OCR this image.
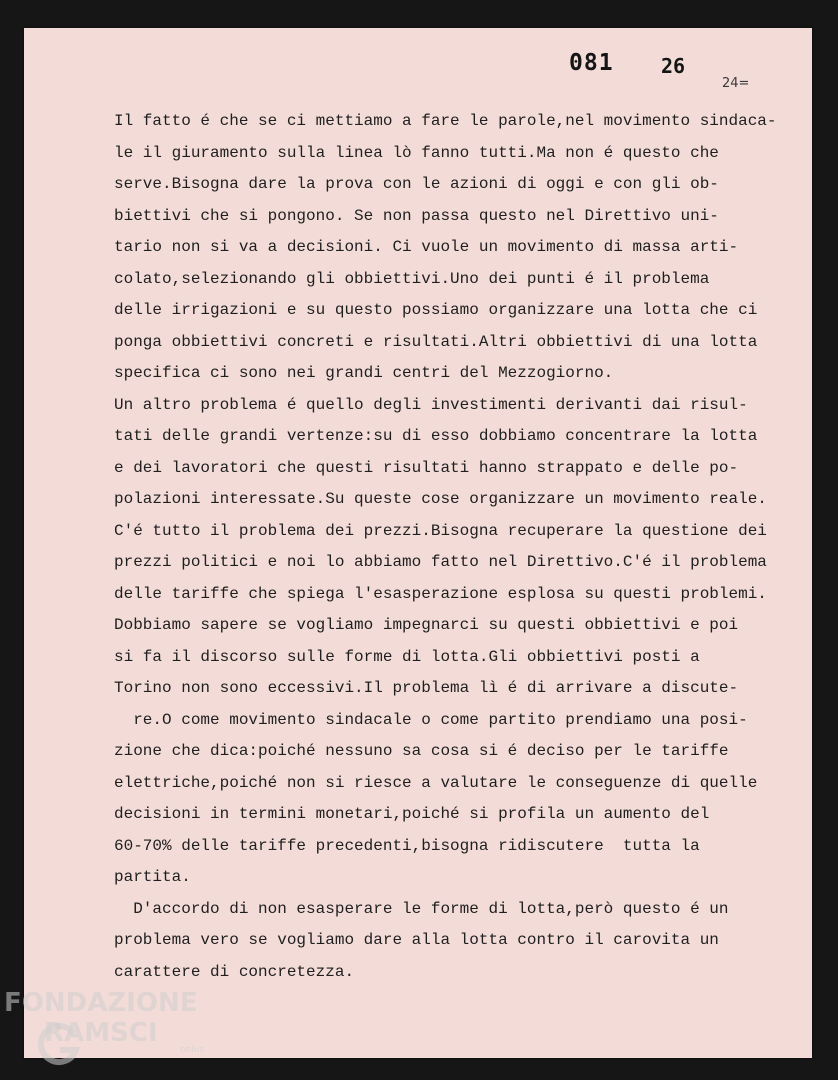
081 26
24=
Il fatto é che se ci mettiamo a fare le parole,nel movimento sindaca-
le il giuramento sulla linea lò fanno tutti.Ma non é questo che
serve.Bisogna dare la prova con le azioni di oggi e con gli ob-
biettivi che si pongono. Se non passa questo nel Direttivo uni-
tario non si va a decisioni. Ci vuole un movimento di massa arti-
colato,selezionando gli obbiettivi.Uno dei punti é il problema
delle irrigazioni e su questo possiamo organizzare una lotta che ci
ponga obbiettivi concreti e risultati.Altri obbiettivi di una lotta
specifica ci sono nei grandi centri del Mezzogiorno.
Un altro problema é quello degli investimenti derivanti dai risul-
tati delle grandi vertenze:su di esso dobbiamo concentrare la lotta
e dei lavoratori che questi risultati hanno strappato e delle po-
polazioni interessate.Su queste cose organizzare un movimento reale.
C'é tutto il problema dei prezzi.Bisogna recuperare la questione dei
prezzi politici e noi lo abbiamo fatto nel Direttivo.C'é il problema
delle tariffe che spiega l'esasperazione esplosa su questi problemi.
Dobbiamo sapere se vogliamo impegnarci su questi obbiettivi e poi
si fa il discorso sulle forme di lotta.Gli obbiettivi posti a
Torino non sono eccessivi.Il problema lì é di arrivare a discute-
re.O come movimento sindacale o come partito prendiamo una posi-
zione che dica:poiché nessuno sa cosa si é deciso per le tariffe
elettriche,poiché non si riesce a valutare le conseguenze di quelle
decisioni in termini monetari,poiché si profila un aumento del
60-70% delle tariffe precedenti,bisogna ridiscutere  tutta la
partita.
D'accordo di non esasperare le forme di lotta,però questo é un
problema vero se vogliamo dare alla lotta contro il carovita un
carattere di concretezza.
FONDAZIONE
RAMSCI
onlus
